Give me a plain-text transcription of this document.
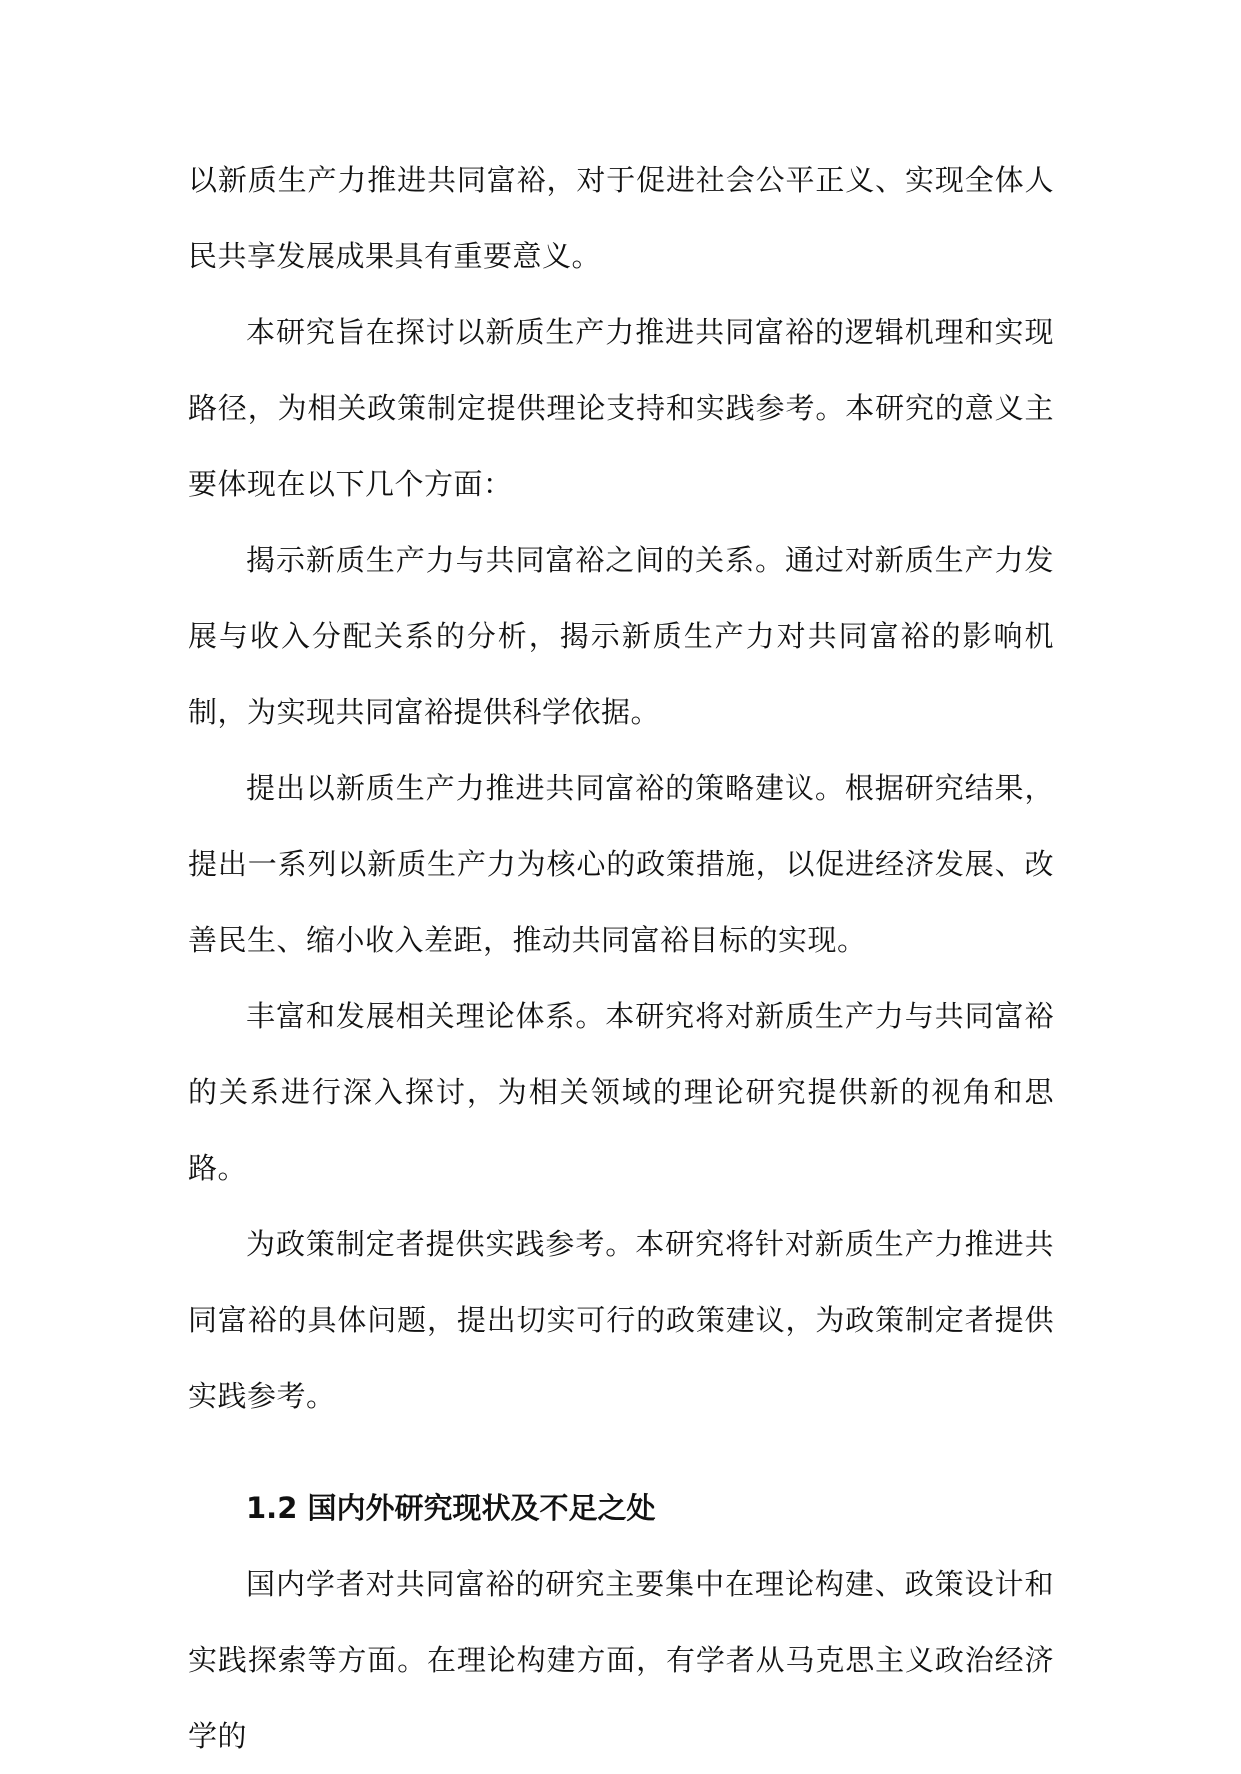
以新质生产力推进共同富裕，对于促进社会公平正义、实现全体人民共享发展成果具有重要意义。

本研究旨在探讨以新质生产力推进共同富裕的逻辑机理和实现路径，为相关政策制定提供理论支持和实践参考。本研究的意义主要体现在以下几个方面：

揭示新质生产力与共同富裕之间的关系。通过对新质生产力发展与收入分配关系的分析，揭示新质生产力对共同富裕的影响机制，为实现共同富裕提供科学依据。

提出以新质生产力推进共同富裕的策略建议。根据研究结果，提出一系列以新质生产力为核心的政策措施，以促进经济发展、改善民生、缩小收入差距，推动共同富裕目标的实现。

丰富和发展相关理论体系。本研究将对新质生产力与共同富裕的关系进行深入探讨，为相关领域的理论研究提供新的视角和思路。

为政策制定者提供实践参考。本研究将针对新质生产力推进共同富裕的具体问题，提出切实可行的政策建议，为政策制定者提供实践参考。

1.2 国内外研究现状及不足之处

国内学者对共同富裕的研究主要集中在理论构建、政策设计和实践探索等方面。在理论构建方面，有学者从马克思主义政治经济学的
